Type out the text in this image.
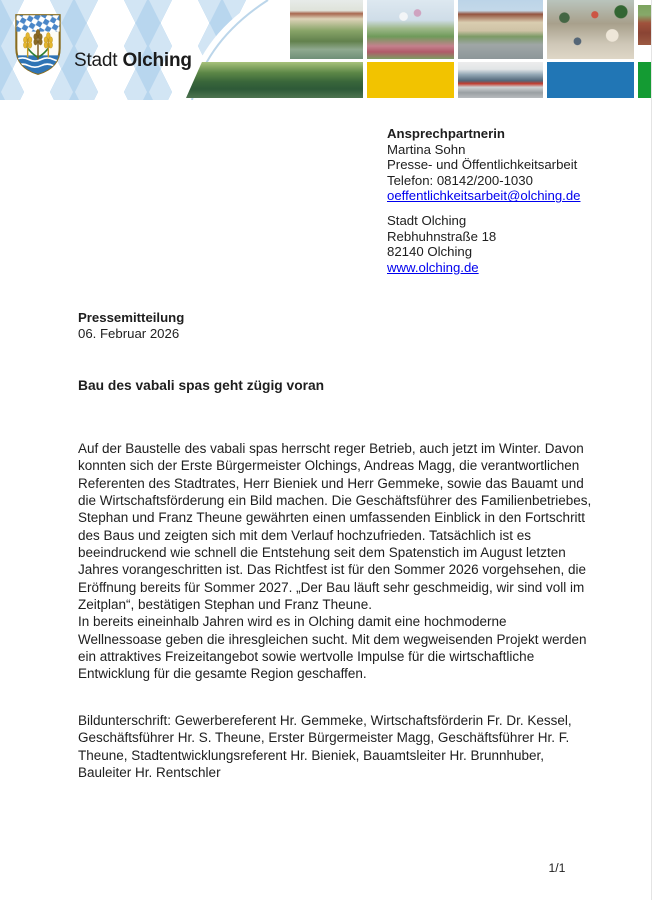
Stadt Olching
Ansprechpartnerin
Martina Sohn
Presse- und Öffentlichkeitsarbeit
Telefon: 08142/200-1030
oeffentlichkeitsarbeit@olching.de
Stadt Olching
Rebhuhnstraße 18
82140 Olching
www.olching.de
Pressemitteilung
06. Februar 2026
Bau des vabali spas geht zügig voran
Auf der Baustelle des vabali spas herrscht reger Betrieb, auch jetzt im Winter. Davon konnten sich der Erste Bürgermeister Olchings, Andreas Magg, die verantwortlichen Referenten des Stadtrates, Herr Bieniek und Herr Gemmeke, sowie das Bauamt und die Wirtschaftsförderung ein Bild machen. Die Geschäftsführer des Familienbetriebes, Stephan und Franz Theune gewährten einen umfassenden Einblick in den Fortschritt des Baus und zeigten sich mit dem Verlauf hochzufrieden. Tatsächlich ist es beeindruckend wie schnell die Entstehung seit dem Spatenstich im August letzten Jahres vorangeschritten ist. Das Richtfest ist für den Sommer 2026 vorgehsehen, die Eröffnung bereits für Sommer 2027. „Der Bau läuft sehr geschmeidig, wir sind voll im Zeitplan“, bestätigen Stephan und Franz Theune.
In bereits eineinhalb Jahren wird es in Olching damit eine hochmoderne Wellnessoase geben die ihresgleichen sucht. Mit dem wegweisenden Projekt werden ein attraktives Freizeitangebot sowie wertvolle Impulse für die wirtschaftliche Entwicklung für die gesamte Region geschaffen.
Bildunterschrift: Gewerbereferent Hr. Gemmeke, Wirtschaftsförderin Fr. Dr. Kessel, Geschäftsführer Hr. S. Theune, Erster Bürgermeister Magg, Geschäftsführer Hr. F. Theune, Stadtentwicklungsreferent Hr. Bieniek, Bauamtsleiter Hr. Brunnhuber, Bauleiter Hr. Rentschler
1/1
